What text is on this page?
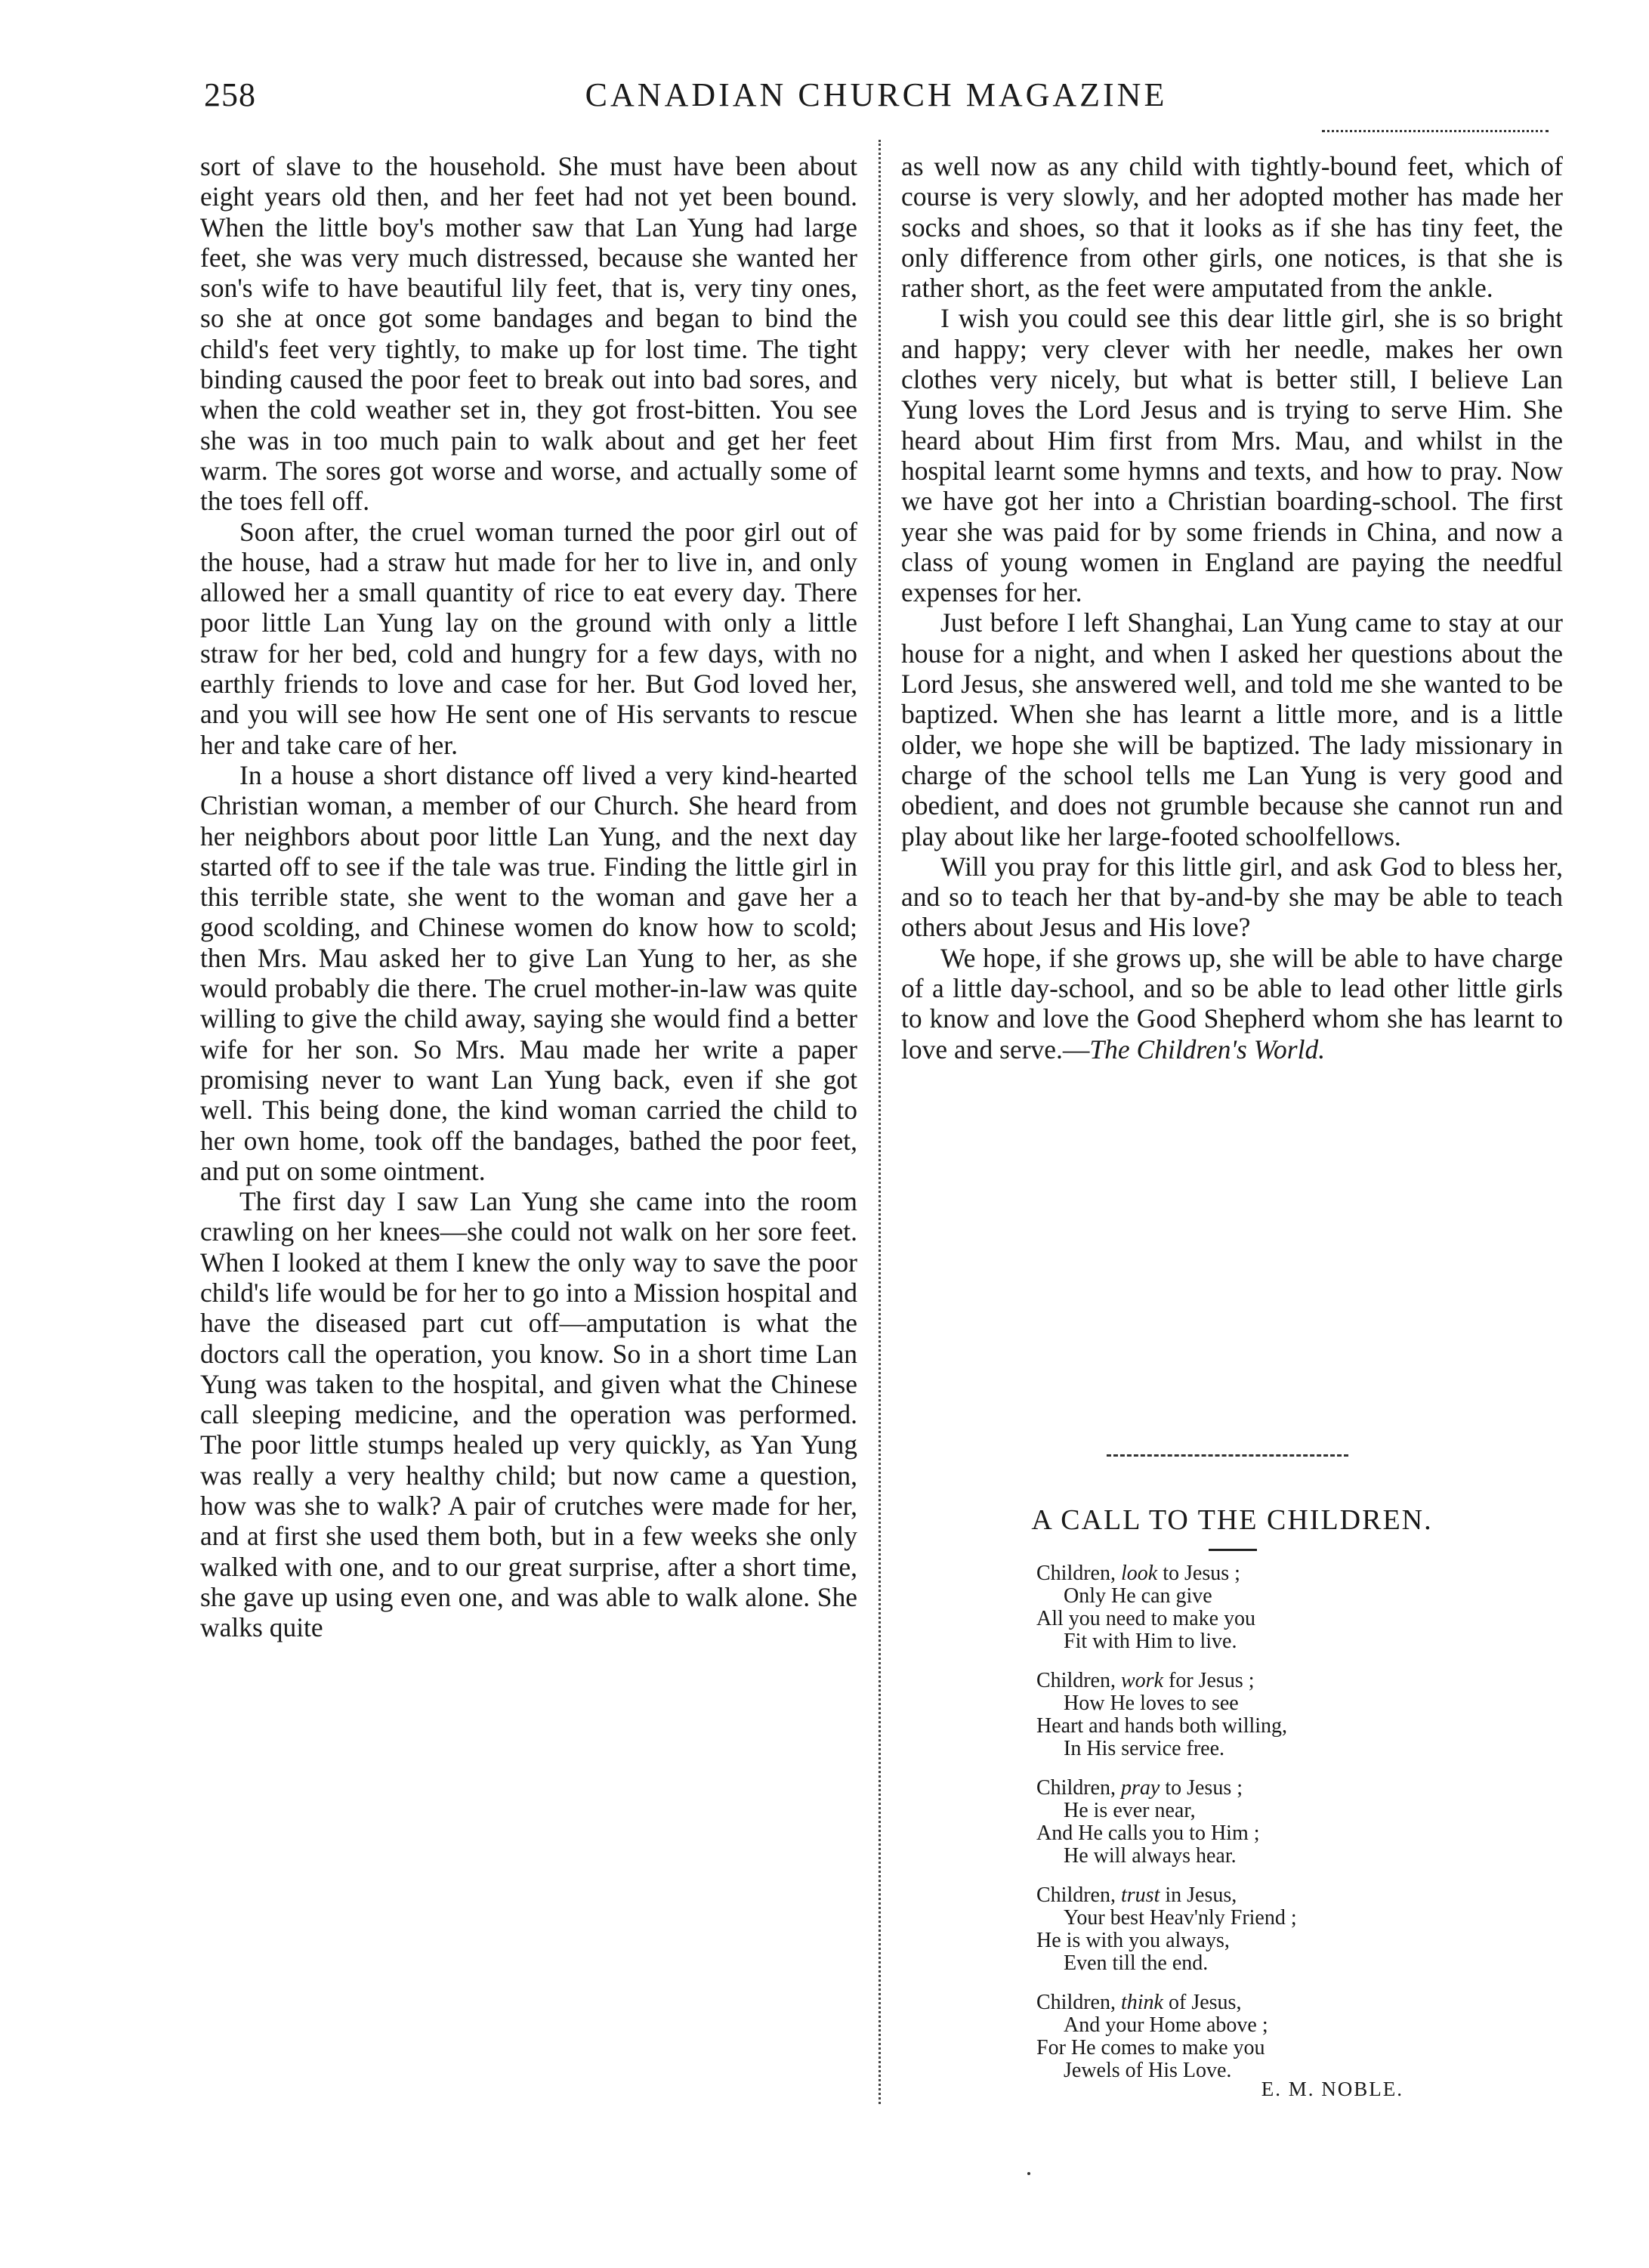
258	CANADIAN CHURCH MAGAZINE

sort of slave to the household. She must have been about eight years old then, and her feet had not yet been bound. When the little boy's mother saw that Lan Yung had large feet, she was very much distressed, because she wanted her son's wife to have beautiful lily feet, that is, very tiny ones, so she at once got some bandages and began to bind the child's feet very tightly, to make up for lost time. The tight binding caused the poor feet to break out into bad sores, and when the cold weather set in, they got frost-bitten. You see she was in too much pain to walk about and get her feet warm. The sores got worse and worse, and actually some of the toes fell off.

Soon after, the cruel woman turned the poor girl out of the house, had a straw hut made for her to live in, and only allowed her a small quantity of rice to eat every day. There poor little Lan Yung lay on the ground with only a little straw for her bed, cold and hungry for a few days, with no earthly friends to love and case for her. But God loved her, and you will see how He sent one of His servants to rescue her and take care of her.

In a house a short distance off lived a very kind-hearted Christian woman, a member of our Church. She heard from her neighbors about poor little Lan Yung, and the next day started off to see if the tale was true. Finding the little girl in this terrible state, she went to the woman and gave her a good scolding, and Chinese women do know how to scold; then Mrs. Mau asked her to give Lan Yung to her, as she would probably die there. The cruel mother-in-law was quite willing to give the child away, saying she would find a better wife for her son. So Mrs. Mau made her write a paper promising never to want Lan Yung back, even if she got well. This being done, the kind woman carried the child to her own home, took off the bandages, bathed the poor feet, and put on some ointment.

The first day I saw Lan Yung she came into the room crawling on her knees—she could not walk on her sore feet. When I looked at them I knew the only way to save the poor child's life would be for her to go into a Mission hospital and have the diseased part cut off—amputation is what the doctors call the operation, you know. So in a short time Lan Yung was taken to the hospital, and given what the Chinese call sleeping medicine, and the operation was performed. The poor little stumps healed up very quickly, as Yan Yung was really a very healthy child; but now came a question, how was she to walk? A pair of crutches were made for her, and at first she used them both, but in a few weeks she only walked with one, and to our great surprise, after a short time, she gave up using even one, and was able to walk alone. She walks quite

as well now as any child with tightly-bound feet, which of course is very slowly, and her adopted mother has made her socks and shoes, so that it looks as if she has tiny feet, the only difference from other girls, one notices, is that she is rather short, as the feet were amputated from the ankle.

I wish you could see this dear little girl, she is so bright and happy; very clever with her needle, makes her own clothes very nicely, but what is better still, I believe Lan Yung loves the Lord Jesus and is trying to serve Him. She heard about Him first from Mrs. Mau, and whilst in the hospital learnt some hymns and texts, and how to pray. Now we have got her into a Christian boarding-school. The first year she was paid for by some friends in China, and now a class of young women in England are paying the needful expenses for her.

Just before I left Shanghai, Lan Yung came to stay at our house for a night, and when I asked her questions about the Lord Jesus, she answered well, and told me she wanted to be baptized. When she has learnt a little more, and is a little older, we hope she will be baptized. The lady missionary in charge of the school tells me Lan Yung is very good and obedient, and does not grumble because she cannot run and play about like her large-footed schoolfellows.

Will you pray for this little girl, and ask God to bless her, and so to teach her that by-and-by she may be able to teach others about Jesus and His love?

We hope, if she grows up, she will be able to have charge of a little day-school, and so be able to lead other little girls to know and love the Good Shepherd whom she has learnt to love and serve.—The Children's World.

A CALL TO THE CHILDREN.
Children, look to Jesus ;
Only He can give
All you need to make you
Fit with Him to live.
Children, work for Jesus ;
How He loves to see
Heart and hands both willing,
In His service free.
Children, pray to Jesus ;
He is ever near,
And He calls you to Him ;
He will always hear.
Children, trust in Jesus,
Your best Heav'nly Friend ;
He is with you always,
Even till the end.
Children, think of Jesus,
And your Home above ;
For He comes to make you
Jewels of His Love.
E. M. NOBLE.
